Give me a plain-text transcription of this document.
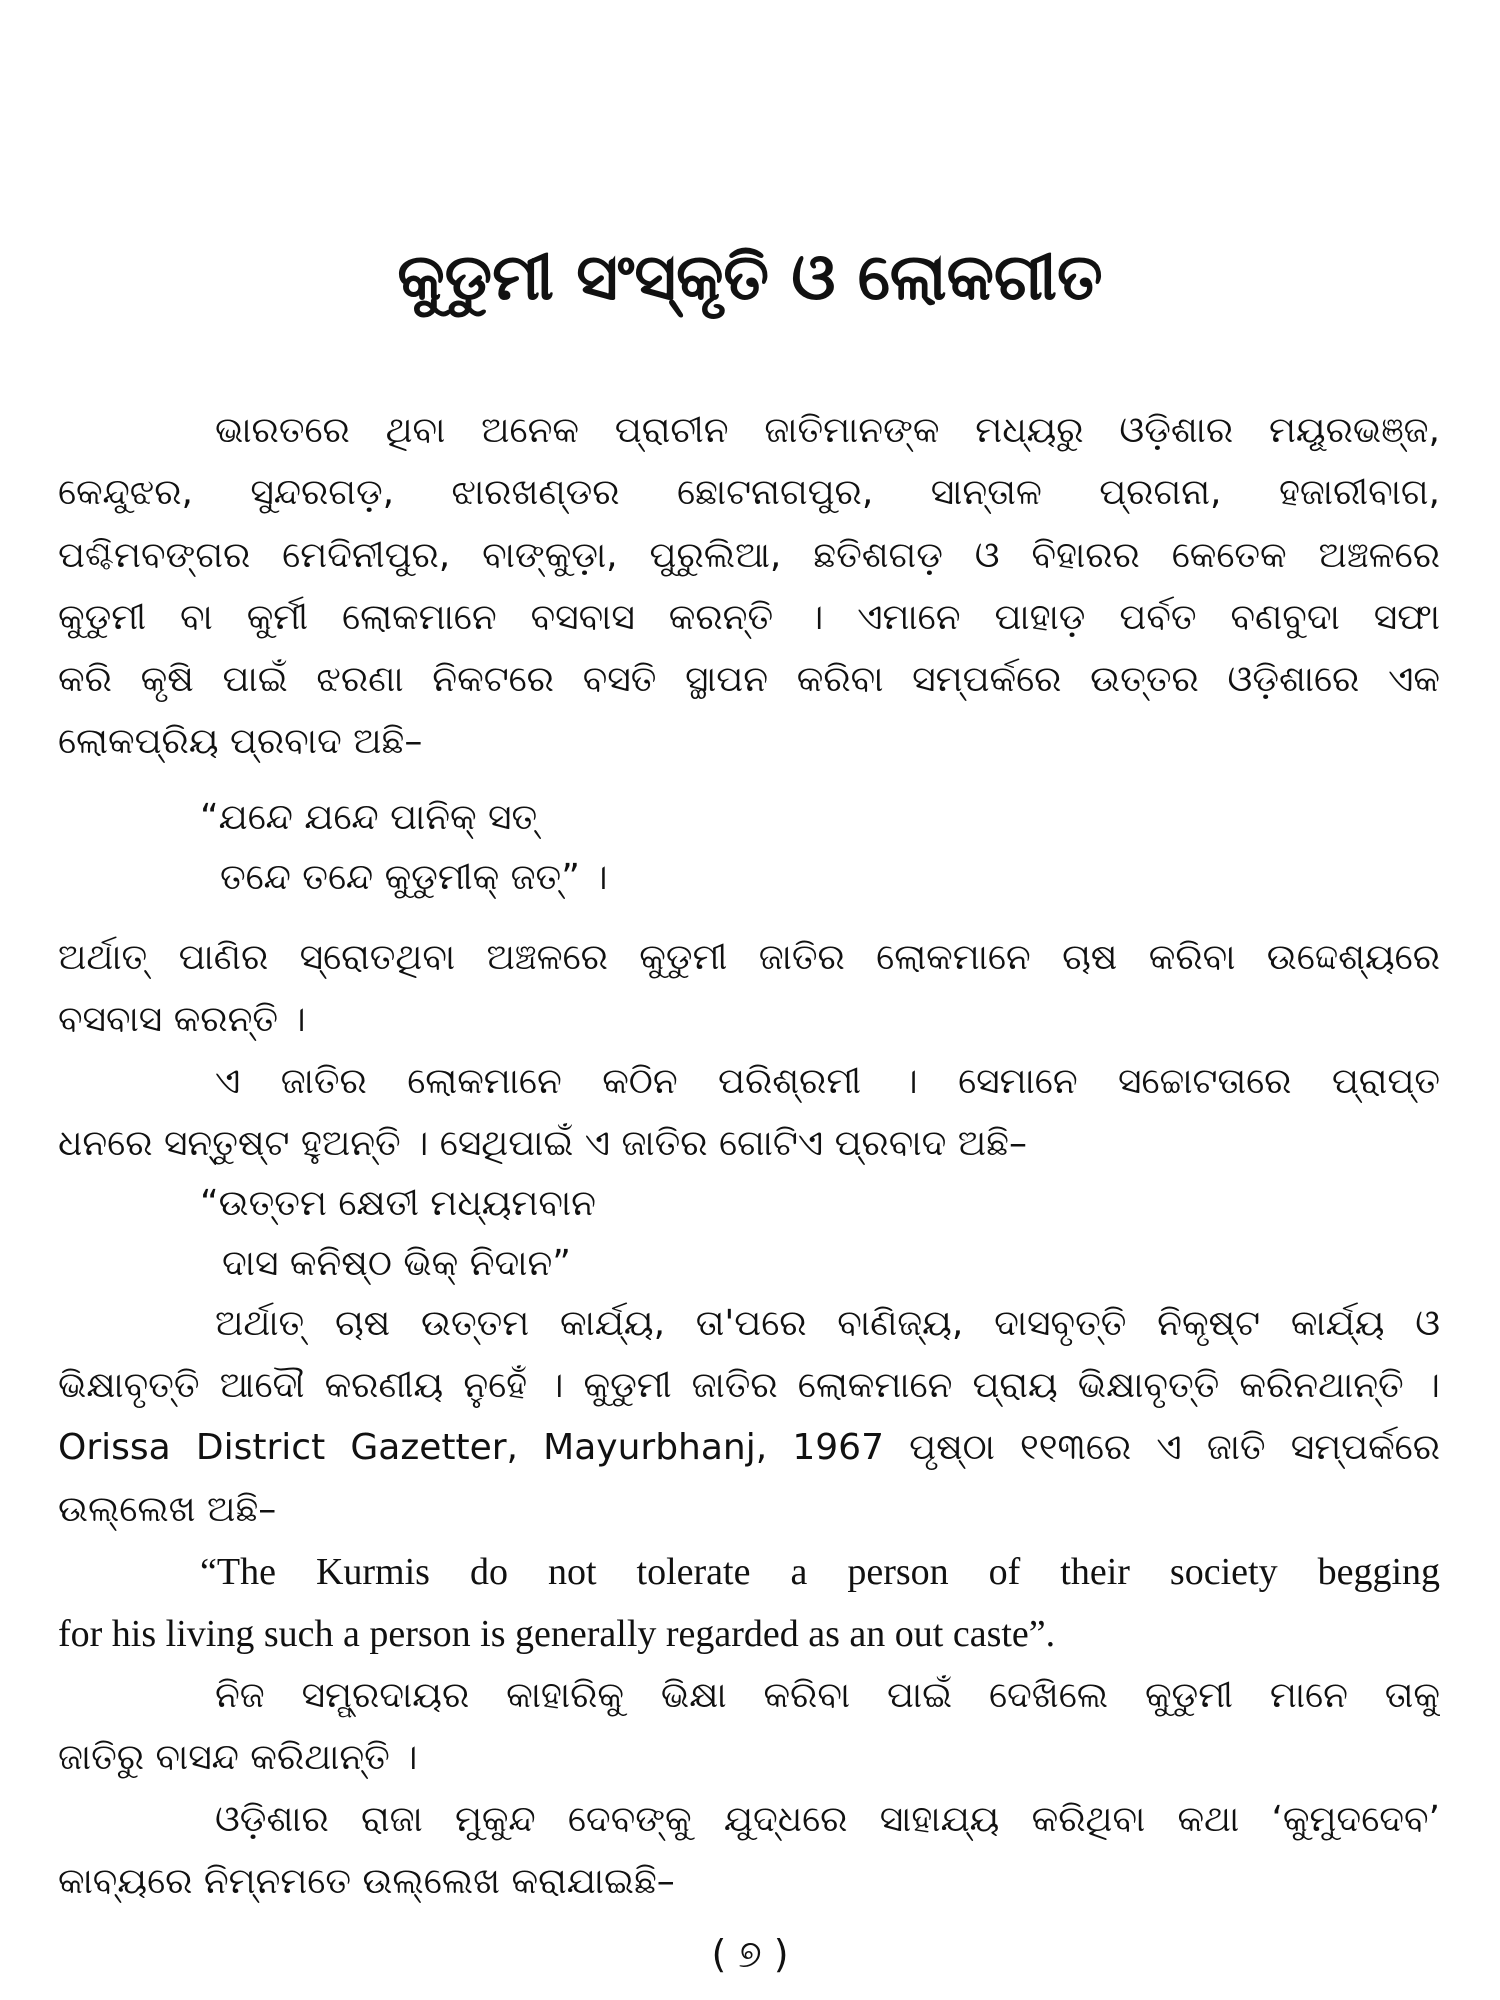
କୁଡୁମୀ ସଂସ୍କୃତି ଓ ଲୋକଗୀତ
ଭାରତରେ ଥିବା ଅନେକ ପ୍ରାଚୀନ ଜାତିମାନଙ୍କ ମଧ୍ୟରୁ ଓଡ଼ିଶାର ମୟୂରଭଞ୍ଜ,
କେନ୍ଦୁଝର, ସୁନ୍ଦରଗଡ଼, ଝାରଖଣ୍ଡର ଛୋଟନାଗପୁର, ସାନ୍ତାଳ ପ୍ରଗନା, ହଜାରୀବାଗ,
ପଶ୍ଚିମବଙ୍ଗର ମେଦିନୀପୁର, ବାଙ୍କୁଡ଼ା, ପୁରୁଲିଆ, ଛତିଶଗଡ଼ ଓ ବିହାରର କେତେକ ଅଞ୍ଚଳରେ
କୁଡୁମୀ ବା କୁର୍ମୀ ଲୋକମାନେ ବସବାସ କରନ୍ତି । ଏମାନେ ପାହାଡ଼ ପର୍ବତ ବଣବୁଦା ସଫା
କରି କୃଷି ପାଇଁ ଝରଣା ନିକଟରେ ବସତି ସ୍ଥାପନ କରିବା ସମ୍ପର୍କରେ ଉତ୍ତର ଓଡ଼ିଶାରେ ଏକ
ଲୋକପ୍ରିୟ ପ୍ରବାଦ ଅଛି–
“ଯନ୍ଦେ ଯନ୍ଦେ ପାନିକ୍ ସତ୍
ତନ୍ଦେ ତନ୍ଦେ କୁଡୁମୀକ୍ ଜତ୍” ।
ଅର୍ଥାତ୍ ପାଣିର ସ୍ରୋତଥିବା ଅଞ୍ଚଳରେ କୁଡୁମୀ ଜାତିର ଲୋକମାନେ ଚାଷ କରିବା ଉଦ୍ଦେଶ୍ୟରେ
ବସବାସ କରନ୍ତି ।
ଏ ଜାତିର ଲୋକମାନେ କଠିନ ପରିଶ୍ରମୀ । ସେମାନେ ସଚ୍ଚୋଟତାରେ ପ୍ରାପ୍ତ
ଧନରେ ସନ୍ତୁଷ୍ଟ ହୁଅନ୍ତି । ସେଥିପାଇଁ ଏ ଜାତିର ଗୋଟିଏ ପ୍ରବାଦ ଅଛି–
“ଉତ୍ତମ କ୍ଷେତୀ ମଧ୍ୟମବାନ
ଦାସ କନିଷ୍ଠ ଭିକ୍ ନିଦାନ”
ଅର୍ଥାତ୍ ଚାଷ ଉତ୍ତମ କାର୍ଯ୍ୟ, ତା'ପରେ ବାଣିଜ୍ୟ, ଦାସବୃତ୍ତି ନିକୃଷ୍ଟ କାର୍ଯ୍ୟ ଓ
ଭିକ୍ଷାବୃତ୍ତି ଆଦୌ କରଣୀୟ ନୁହେଁ । କୁଡୁମୀ ଜାତିର ଲୋକମାନେ ପ୍ରାୟ ଭିକ୍ଷାବୃତ୍ତି କରିନଥାନ୍ତି ।
Orissa District Gazetter, Mayurbhanj, 1967 ପୃଷ୍ଠା ୧୧୩ରେ ଏ ଜାତି ସମ୍ପର୍କରେ
ଉଲ୍ଲେଖ ଅଛି–
“The Kurmis do not tolerate a person of their society begging
for his living such a person is generally regarded as an out caste”.
ନିଜ ସମ୍ପ୍ରଦାୟର କାହାରିକୁ ଭିକ୍ଷା କରିବା ପାଇଁ ଦେଖିଲେ କୁଡୁମୀ ମାନେ ତାକୁ
ଜାତିରୁ ବାସନ୍ଦ କରିଥାନ୍ତି ।
ଓଡ଼ିଶାର ରାଜା ମୁକୁନ୍ଦ ଦେବଙ୍କୁ ଯୁଦ୍ଧରେ ସାହାଯ୍ୟ କରିଥିବା କଥା ‘କୁମୁଦଦେବ’
କାବ୍ୟରେ ନିମ୍ନମତେ ଉଲ୍ଲେଖ କରାଯାଇଛି–
( ୭ )
